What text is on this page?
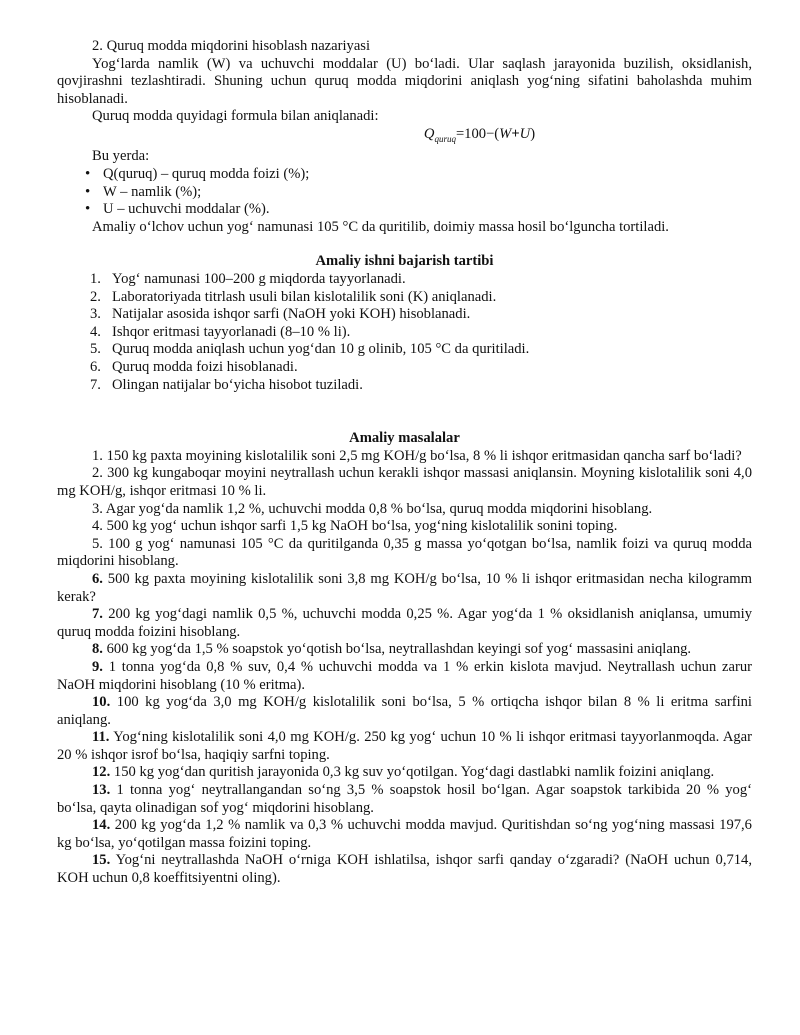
2. Quruq modda miqdorini hisoblash nazariyasi

Yog‘larda namlik (W) va uchuvchi moddalar (U) bo‘ladi. Ular saqlash jarayonida buzilish, oksidlanish, qovjirashni tezlashtiradi. Shuning uchun quruq modda miqdorini aniqlash yog‘ning sifatini baholashda muhim hisoblanadi.

Quruq modda quyidagi formula bilan aniqlanadi:

$Q_{quruq}=100-(W+U)$

Bu yerda:

• Q(quruq) – quruq modda foizi (%);
• W – namlik (%);
• U – uchuvchi moddalar (%).

Amaliy o‘lchov uchun yog‘ namunasi 105 °C da quritilib, doimiy massa hosil bo‘lguncha tortiladi.

Amaliy ishni bajarish tartibi

1. Yog‘ namunasi 100–200 g miqdorda tayyorlanadi.
2. Laboratoriyada titrlash usuli bilan kislotalilik soni (K) aniqlanadi.
3. Natijalar asosida ishqor sarfi (NaOH yoki KOH) hisoblanadi.
4. Ishqor eritmasi tayyorlanadi (8–10 % li).
5. Quruq modda aniqlash uchun yog‘dan 10 g olinib, 105 °C da quritiladi.
6. Quruq modda foizi hisoblanadi.
7. Olingan natijalar bo‘yicha hisobot tuziladi.

Amaliy masalalar

1. 150 kg paxta moyining kislotalilik soni 2,5 mg KOH/g bo‘lsa, 8 % li ishqor eritmasidan qancha sarf bo‘ladi?

2. 300 kg kungaboqar moyini neytrallash uchun kerakli ishqor massasi aniqlansin. Moyning kislotalilik soni 4,0 mg KOH/g, ishqor eritmasi 10 % li.

3. Agar yog‘da namlik 1,2 %, uchuvchi modda 0,8 % bo‘lsa, quruq modda miqdorini hisoblang.

4. 500 kg yog‘ uchun ishqor sarfi 1,5 kg NaOH bo‘lsa, yog‘ning kislotalilik sonini toping.

5. 100 g yog‘ namunasi 105 °C da quritilganda 0,35 g massa yo‘qotgan bo‘lsa, namlik foizi va quruq modda miqdorini hisoblang.

6. 500 kg paxta moyining kislotalilik soni 3,8 mg KOH/g bo‘lsa, 10 % li ishqor eritmasidan necha kilogramm kerak?

7. 200 kg yog‘dagi namlik 0,5 %, uchuvchi modda 0,25 %. Agar yog‘da 1 % oksidlanish aniqlansa, umumiy quruq modda foizini hisoblang.

8. 600 kg yog‘da 1,5 % soapstok yo‘qotish bo‘lsa, neytrallashdan keyingi sof yog‘ massasini aniqlang.

9. 1 tonna yog‘da 0,8 % suv, 0,4 % uchuvchi modda va 1 % erkin kislota mavjud. Neytrallash uchun zarur NaOH miqdorini hisoblang (10 % eritma).

10. 100 kg yog‘da 3,0 mg KOH/g kislotalilik soni bo‘lsa, 5 % ortiqcha ishqor bilan 8 % li eritma sarfini aniqlang.

11. Yog‘ning kislotalilik soni 4,0 mg KOH/g. 250 kg yog‘ uchun 10 % li ishqor eritmasi tayyorlanmoqda. Agar 20 % ishqor isrof bo‘lsa, haqiqiy sarfni toping.

12. 150 kg yog‘dan quritish jarayonida 0,3 kg suv yo‘qotilgan. Yog‘dagi dastlabki namlik foizini aniqlang.

13. 1 tonna yog‘ neytrallangandan so‘ng 3,5 % soapstok hosil bo‘lgan. Agar soapstok tarkibida 20 % yog‘ bo‘lsa, qayta olinadigan sof yog‘ miqdorini hisoblang.

14. 200 kg yog‘da 1,2 % namlik va 0,3 % uchuvchi modda mavjud. Quritishdan so‘ng yog‘ning massasi 197,6 kg bo‘lsa, yo‘qotilgan massa foizini toping.

15. Yog‘ni neytrallashda NaOH o‘rniga KOH ishlatilsa, ishqor sarfi qanday o‘zgaradi? (NaOH uchun 0,714, KOH uchun 0,8 koeffitsiyentni oling).
